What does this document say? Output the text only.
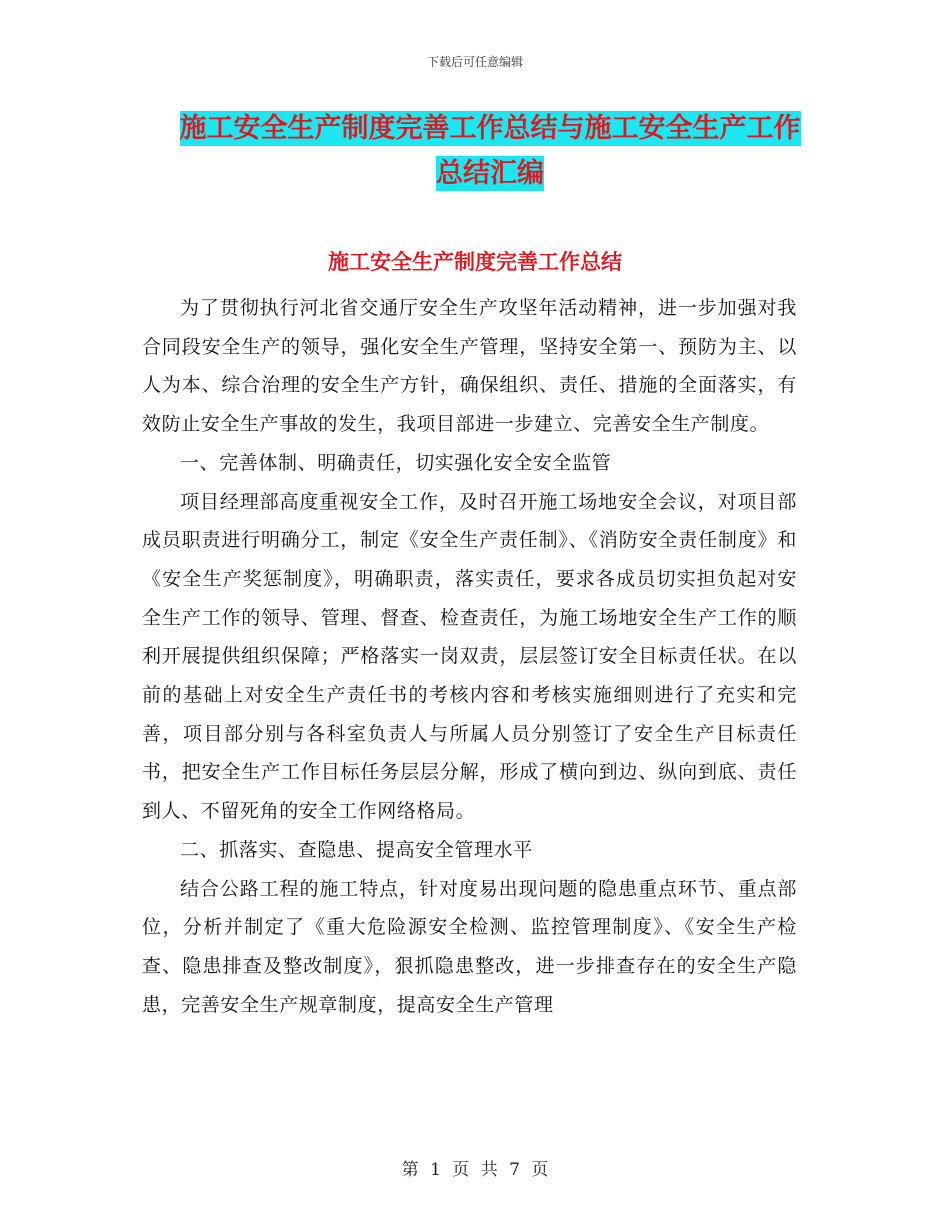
下载后可任意编辑
施工安全生产制度完善工作总结与施工安全生产工作
总结汇编
施工安全生产制度完善工作总结

为了贯彻执行河北省交通厅安全生产攻坚年活动精神，进一步加强对我合同段安全生产的领导，强化安全生产管理，坚持安全第一、预防为主、以人为本、综合治理的安全生产方针，确保组织、责任、措施的全面落实，有效防止安全生产事故的发生，我项目部进一步建立、完善安全生产制度。

一、完善体制、明确责任，切实强化安全安全监管

项目经理部高度重视安全工作，及时召开施工场地安全会议，对项目部成员职责进行明确分工，制定《安全生产责任制》、《消防安全责任制度》和《安全生产奖惩制度》，明确职责，落实责任，要求各成员切实担负起对安全生产工作的领导、管理、督查、检查责任，为施工场地安全生产工作的顺利开展提供组织保障；严格落实一岗双责，层层签订安全目标责任状。在以前的基础上对安全生产责任书的考核内容和考核实施细则进行了充实和完善，项目部分别与各科室负责人与所属人员分别签订了安全生产目标责任书，把安全生产工作目标任务层层分解，形成了横向到边、纵向到底、责任到人、不留死角的安全工作网络格局。

二、抓落实、查隐患、提高安全管理水平

结合公路工程的施工特点，针对度易出现问题的隐患重点环节、重点部位，分析并制定了《重大危险源安全检测、监控管理制度》、《安全生产检查、隐患排查及整改制度》，狠抓隐患整改，进一步排查存在的安全生产隐患，完善安全生产规章制度，提高安全生产管理

第 1 页 共 7 页
